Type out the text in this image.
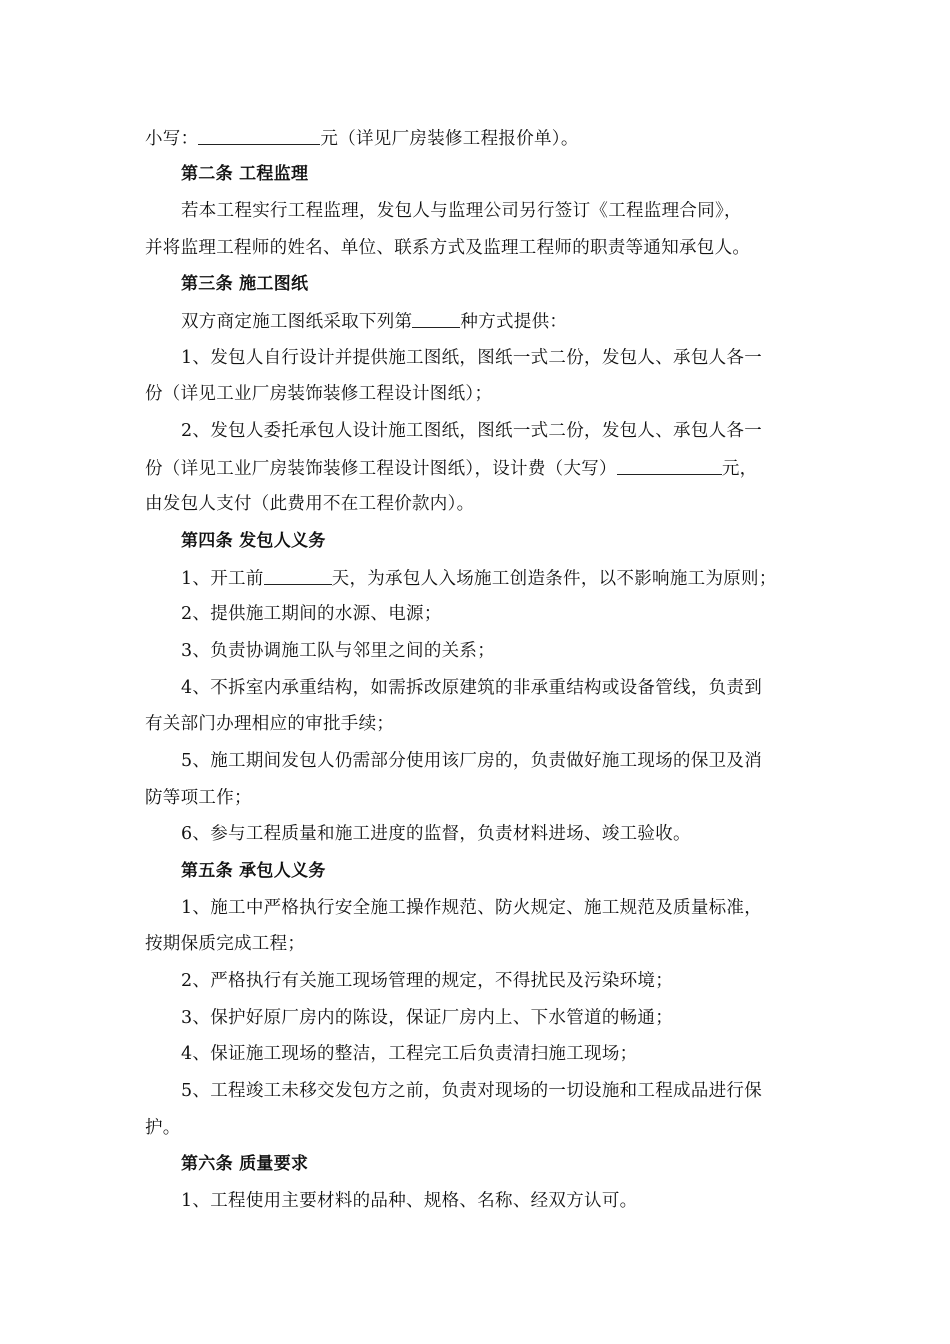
小写：	元（详见厂房装修工程报价单）。
第二条 工程监理
若本工程实行工程监理，发包人与监理公司另行签订《工程监理合同》，
并将监理工程师的姓名、单位、联系方式及监理工程师的职责等通知承包人。
第三条 施工图纸
双方商定施工图纸采取下列第	种方式提供：
1、发包人自行设计并提供施工图纸，图纸一式二份，发包人、承包人各一
份（详见工业厂房装饰装修工程设计图纸）；
2、发包人委托承包人设计施工图纸，图纸一式二份，发包人、承包人各一
份（详见工业厂房装饰装修工程设计图纸），设计费（大写）	元，
由发包人支付（此费用不在工程价款内）。
第四条 发包人义务
1、开工前	天，为承包人入场施工创造条件，以不影响施工为原则；
2、提供施工期间的水源、电源；
3、负责协调施工队与邻里之间的关系；
4、不拆室内承重结构，如需拆改原建筑的非承重结构或设备管线，负责到
有关部门办理相应的审批手续；
5、施工期间发包人仍需部分使用该厂房的，负责做好施工现场的保卫及消
防等项工作；
6、参与工程质量和施工进度的监督，负责材料进场、竣工验收。
第五条 承包人义务
1、施工中严格执行安全施工操作规范、防火规定、施工规范及质量标准，
按期保质完成工程；
2、严格执行有关施工现场管理的规定，不得扰民及污染环境；
3、保护好原厂房内的陈设，保证厂房内上、下水管道的畅通；
4、保证施工现场的整洁，工程完工后负责清扫施工现场；
5、工程竣工未移交发包方之前，负责对现场的一切设施和工程成品进行保
护。
第六条 质量要求
1、工程使用主要材料的品种、规格、名称、经双方认可。
